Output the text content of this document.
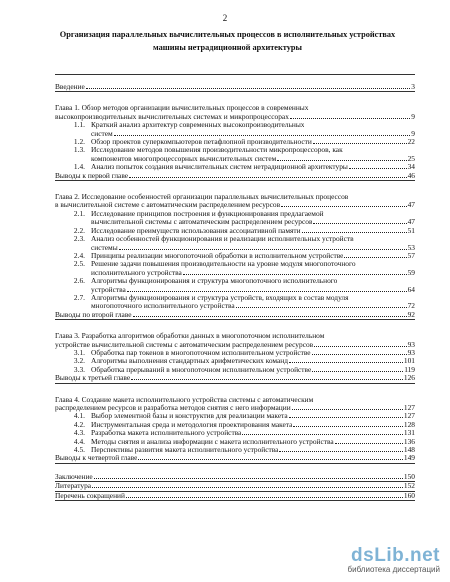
2
Организация параллельных вычислительных процессов в исполнительных устройствах машины нетрадиционной архитектуры
Введение	3
Глава 1. Обзор методов организации вычислительных процессов в современных
высокопроизводительных вычислительных системах и микропроцессорах	9
1.1. Краткий анализ архитектур современных высокопроизводительных
систем	9
1.2. Обзор проектов суперкомпьютеров петафлопной производительности	22
1.3. Исследование методов повышения производительности микропроцессоров, как
компонентов многопроцессорных вычислительных систем	25
1.4. Анализ попыток создания вычислительных систем нетрадиционной архитектуры	34
Выводы к первой главе	46
Глава 2. Исследование особенностей организации параллельных вычислительных процессов
в вычислительной системе с автоматическим распределением ресурсов	47
2.1. Исследование принципов построения и функционирования предлагаемой
вычислительной системы с автоматическим распределением ресурсов	47
2.2. Исследование преимуществ использования ассоциативной памяти	51
2.3. Анализ особенностей функционирования и реализации исполнительных устройств
системы	53
2.4. Принципы реализации многопоточной обработки в исполнительном устройстве	57
2.5. Решение задачи повышения производительности на уровне модуля многопоточного
исполнительного устройства	59
2.6. Алгоритмы функционирования и структура многопоточного исполнительного
устройства	64
2.7. Алгоритмы функционирования и структура устройств, входящих в состав модуля
многопоточного исполнительного устройства	72
Выводы по второй главе	92
Глава 3. Разработка алгоритмов обработки данных в многопоточном исполнительном
устройстве вычислительной системы с автоматическим распределением ресурсов	93
3.1. Обработка пар токенов в многопоточном исполнительном устройстве	93
3.2. Алгоритмы выполнения стандартных арифметических команд	101
3.3. Обработка прерываний в многопоточном исполнительном устройстве	119
Выводы к третьей главе	126
Глава 4. Создание макета исполнительного устройства системы с автоматическим
распределением ресурсов и разработка методов снятия с него информации	127
4.1. Выбор элементной базы и конструктив для реализации макета	127
4.2. Инструментальная среда и методология проектирования макета	128
4.3. Разработка макета исполнительного устройства	131
4.4. Методы снятия и анализа информации с макета исполнительного устройства	136
4.5. Перспективы развития макета исполнительного устройства	148
Выводы к четвертой главе	149
Заключение	150
Литература	152
Перечень сокращений	160
dsLib.net
библиотека диссертаций
